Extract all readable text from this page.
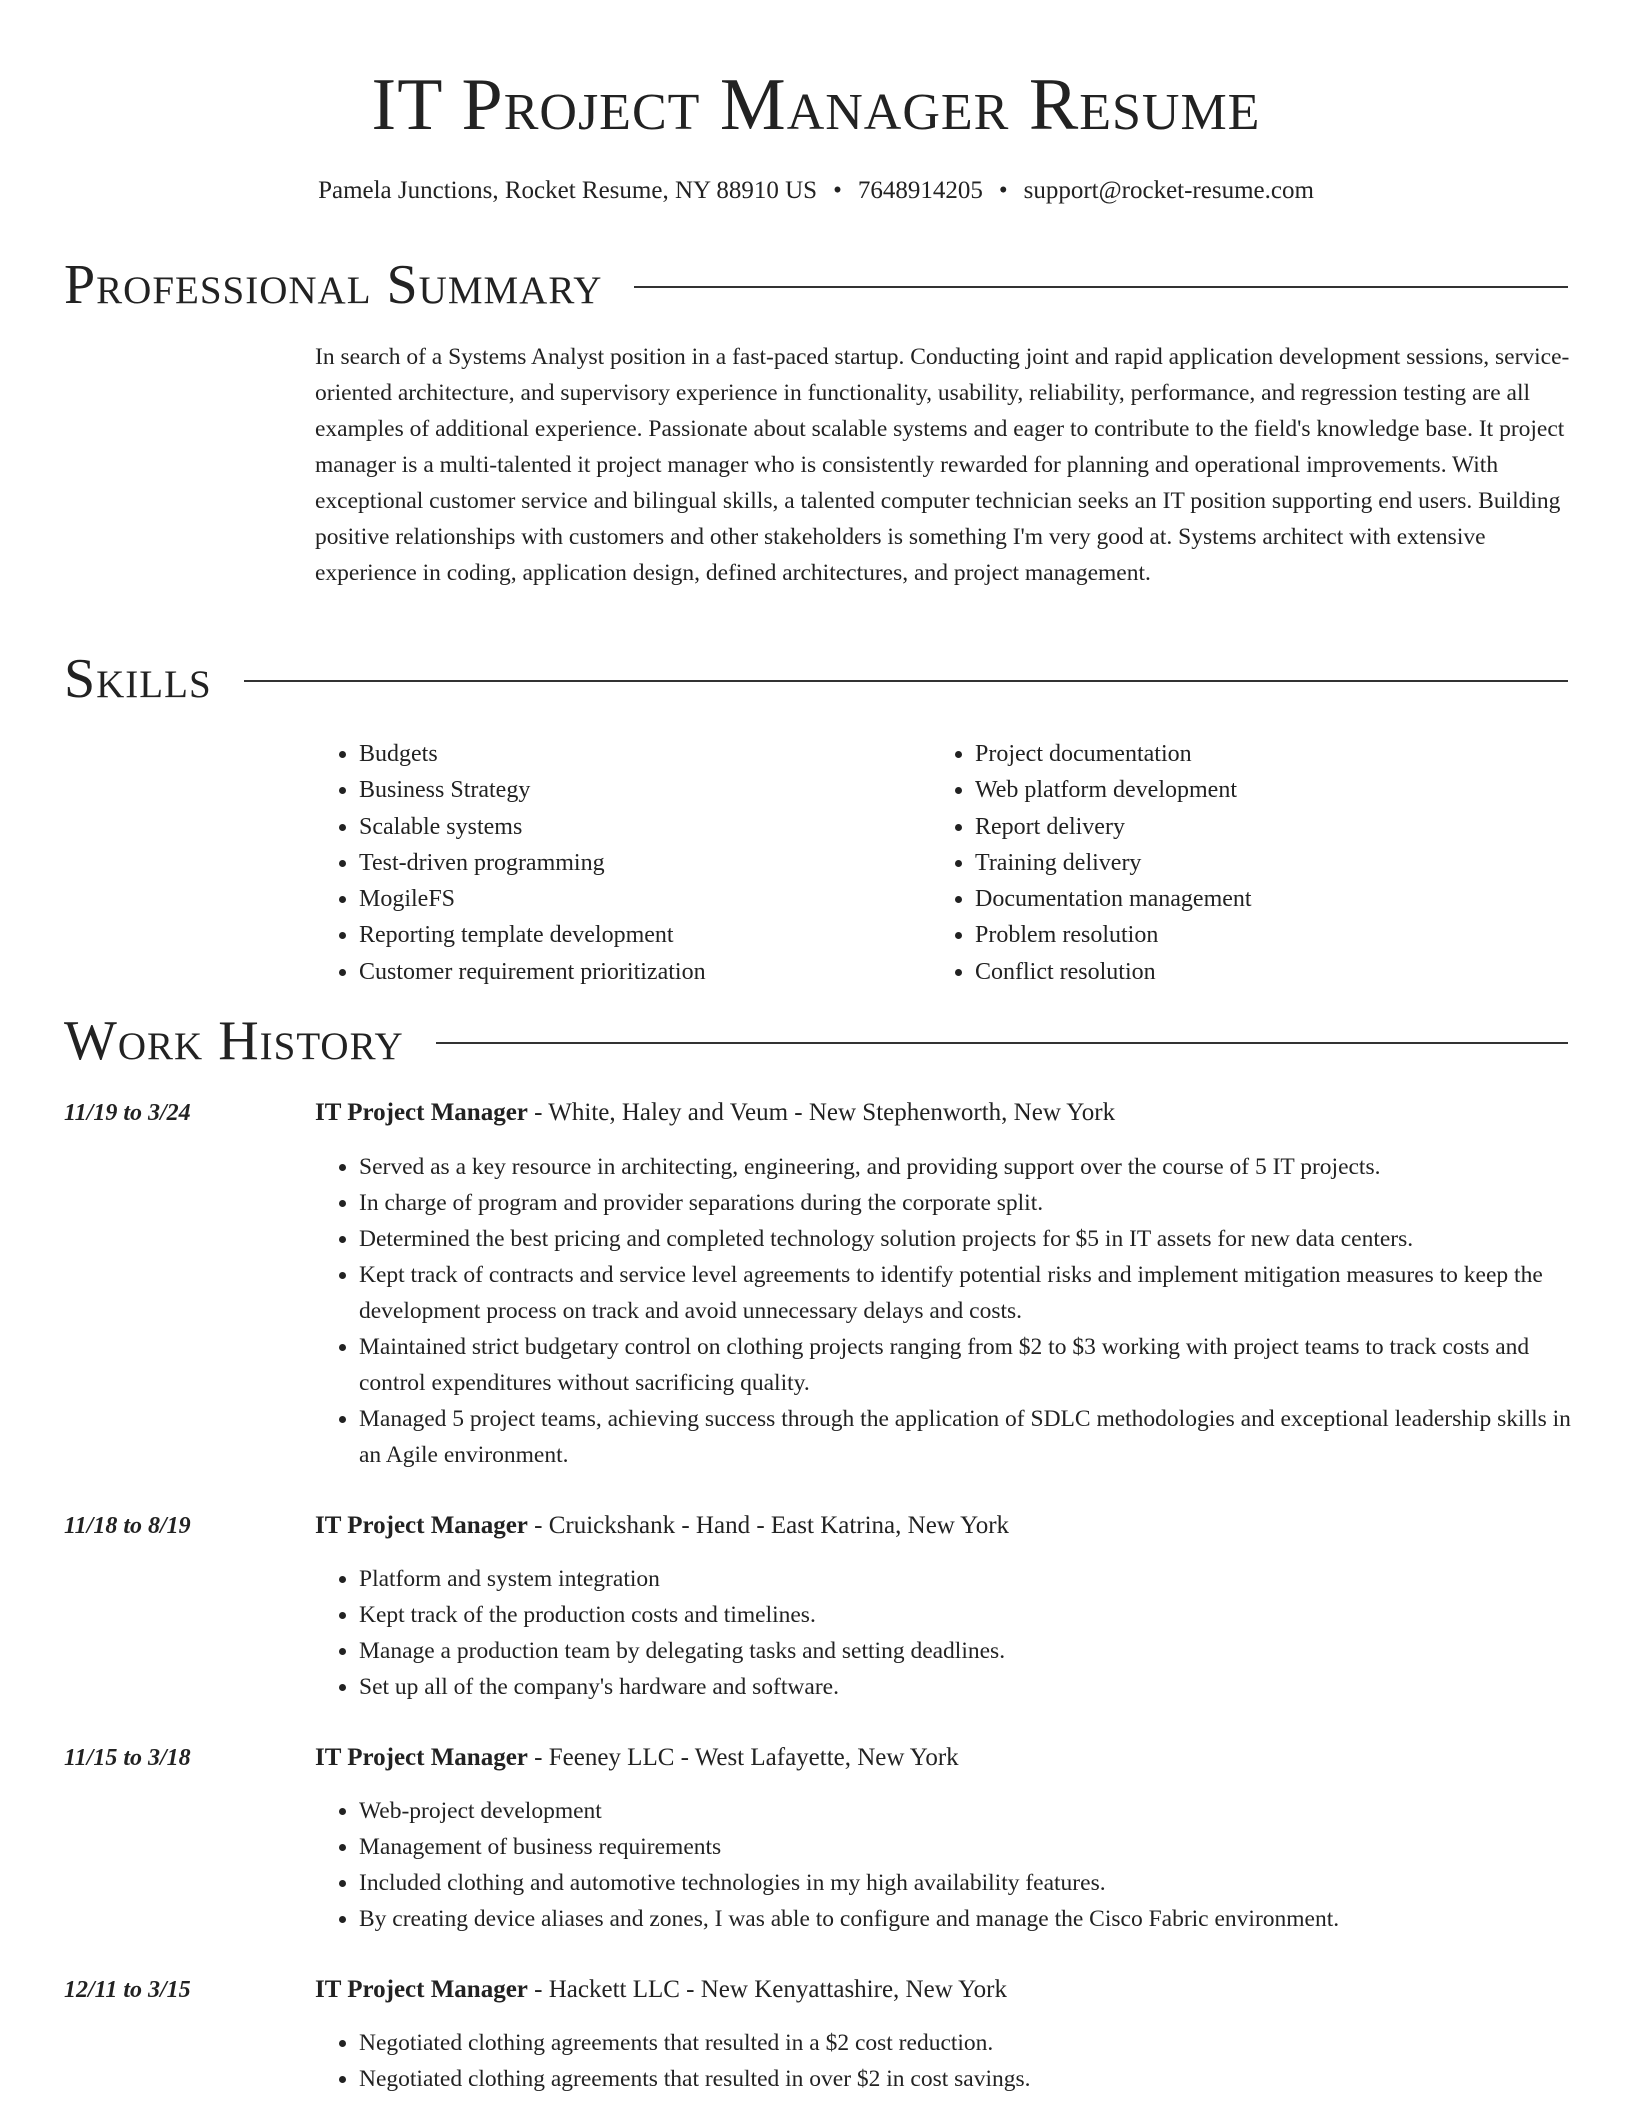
IT Project Manager Resume
Pamela Junctions, Rocket Resume, NY 88910 US • 7648914205 • support@rocket-resume.com
Professional Summary

In search of a Systems Analyst position in a fast-paced startup. Conducting joint and rapid application development sessions, service-oriented architecture, and supervisory experience in functionality, usability, reliability, performance, and regression testing are all examples of additional experience. Passionate about scalable systems and eager to contribute to the field's knowledge base. It project manager is a multi-talented it project manager who is consistently rewarded for planning and operational improvements. With exceptional customer service and bilingual skills, a talented computer technician seeks an IT position supporting end users. Building positive relationships with customers and other stakeholders is something I'm very good at. Systems architect with extensive experience in coding, application design, defined architectures, and project management.

Skills
• Budgets
• Business Strategy
• Scalable systems
• Test-driven programming
• MogileFS
• Reporting template development
• Customer requirement prioritization
• Project documentation
• Web platform development
• Report delivery
• Training delivery
• Documentation management
• Problem resolution
• Conflict resolution
Work History
11/19 to 3/24	IT Project Manager - White, Haley and Veum - New Stephenworth, New York
• Served as a key resource in architecting, engineering, and providing support over the course of 5 IT projects.
• In charge of program and provider separations during the corporate split.
• Determined the best pricing and completed technology solution projects for $5 in IT assets for new data centers.
• Kept track of contracts and service level agreements to identify potential risks and implement mitigation measures to keep the development process on track and avoid unnecessary delays and costs.
• Maintained strict budgetary control on clothing projects ranging from $2 to $3 working with project teams to track costs and control expenditures without sacrificing quality.
• Managed 5 project teams, achieving success through the application of SDLC methodologies and exceptional leadership skills in an Agile environment.
11/18 to 8/19	IT Project Manager - Cruickshank - Hand - East Katrina, New York
• Platform and system integration
• Kept track of the production costs and timelines.
• Manage a production team by delegating tasks and setting deadlines.
• Set up all of the company's hardware and software.
11/15 to 3/18	IT Project Manager - Feeney LLC - West Lafayette, New York
• Web-project development
• Management of business requirements
• Included clothing and automotive technologies in my high availability features.
• By creating device aliases and zones, I was able to configure and manage the Cisco Fabric environment.
12/11 to 3/15	IT Project Manager - Hackett LLC - New Kenyattashire, New York
• Negotiated clothing agreements that resulted in a $2 cost reduction.
• Negotiated clothing agreements that resulted in over $2 in cost savings.
